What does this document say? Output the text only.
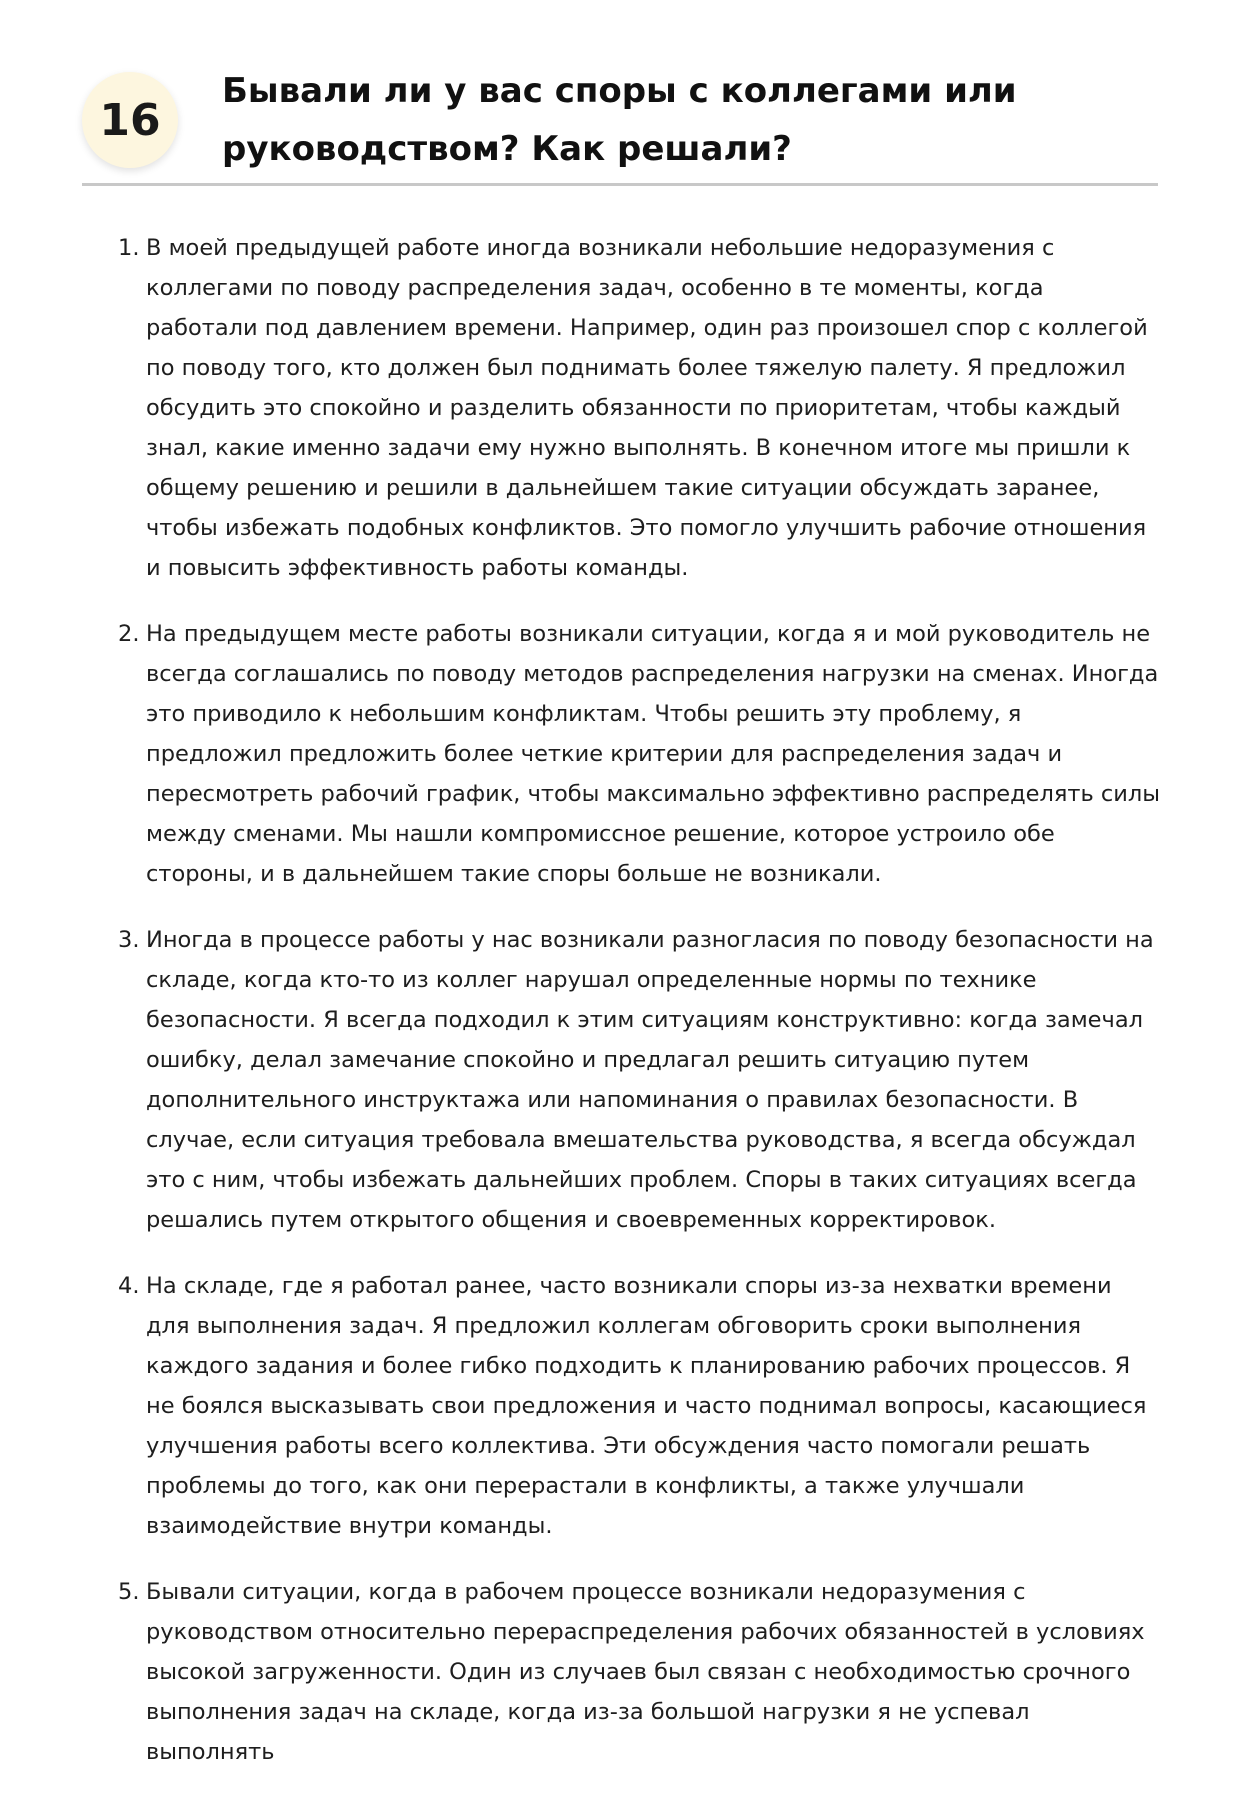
16
Бывали ли у вас споры с коллегами или руководством? Как решали?
1. В моей предыдущей работе иногда возникали небольшие недоразумения с коллегами по поводу распределения задач, особенно в те моменты, когда работали под давлением времени. Например, один раз произошел спор с коллегой по поводу того, кто должен был поднимать более тяжелую палету. Я предложил обсудить это спокойно и разделить обязанности по приоритетам, чтобы каждый знал, какие именно задачи ему нужно выполнять. В конечном итоге мы пришли к общему решению и решили в дальнейшем такие ситуации обсуждать заранее, чтобы избежать подобных конфликтов. Это помогло улучшить рабочие отношения и повысить эффективность работы команды.
2. На предыдущем месте работы возникали ситуации, когда я и мой руководитель не всегда соглашались по поводу методов распределения нагрузки на сменах. Иногда это приводило к небольшим конфликтам. Чтобы решить эту проблему, я предложил предложить более четкие критерии для распределения задач и пересмотреть рабочий график, чтобы максимально эффективно распределять силы между сменами. Мы нашли компромиссное решение, которое устроило обе стороны, и в дальнейшем такие споры больше не возникали.
3. Иногда в процессе работы у нас возникали разногласия по поводу безопасности на складе, когда кто-то из коллег нарушал определенные нормы по технике безопасности. Я всегда подходил к этим ситуациям конструктивно: когда замечал ошибку, делал замечание спокойно и предлагал решить ситуацию путем дополнительного инструктажа или напоминания о правилах безопасности. В случае, если ситуация требовала вмешательства руководства, я всегда обсуждал это с ним, чтобы избежать дальнейших проблем. Споры в таких ситуациях всегда решались путем открытого общения и своевременных корректировок.
4. На складе, где я работал ранее, часто возникали споры из-за нехватки времени для выполнения задач. Я предложил коллегам обговорить сроки выполнения каждого задания и более гибко подходить к планированию рабочих процессов. Я не боялся высказывать свои предложения и часто поднимал вопросы, касающиеся улучшения работы всего коллектива. Эти обсуждения часто помогали решать проблемы до того, как они перерастали в конфликты, а также улучшали взаимодействие внутри команды.
5. Бывали ситуации, когда в рабочем процессе возникали недоразумения с руководством относительно перераспределения рабочих обязанностей в условиях высокой загруженности. Один из случаев был связан с необходимостью срочного выполнения задач на складе, когда из-за большой нагрузки я не успевал выполнять
